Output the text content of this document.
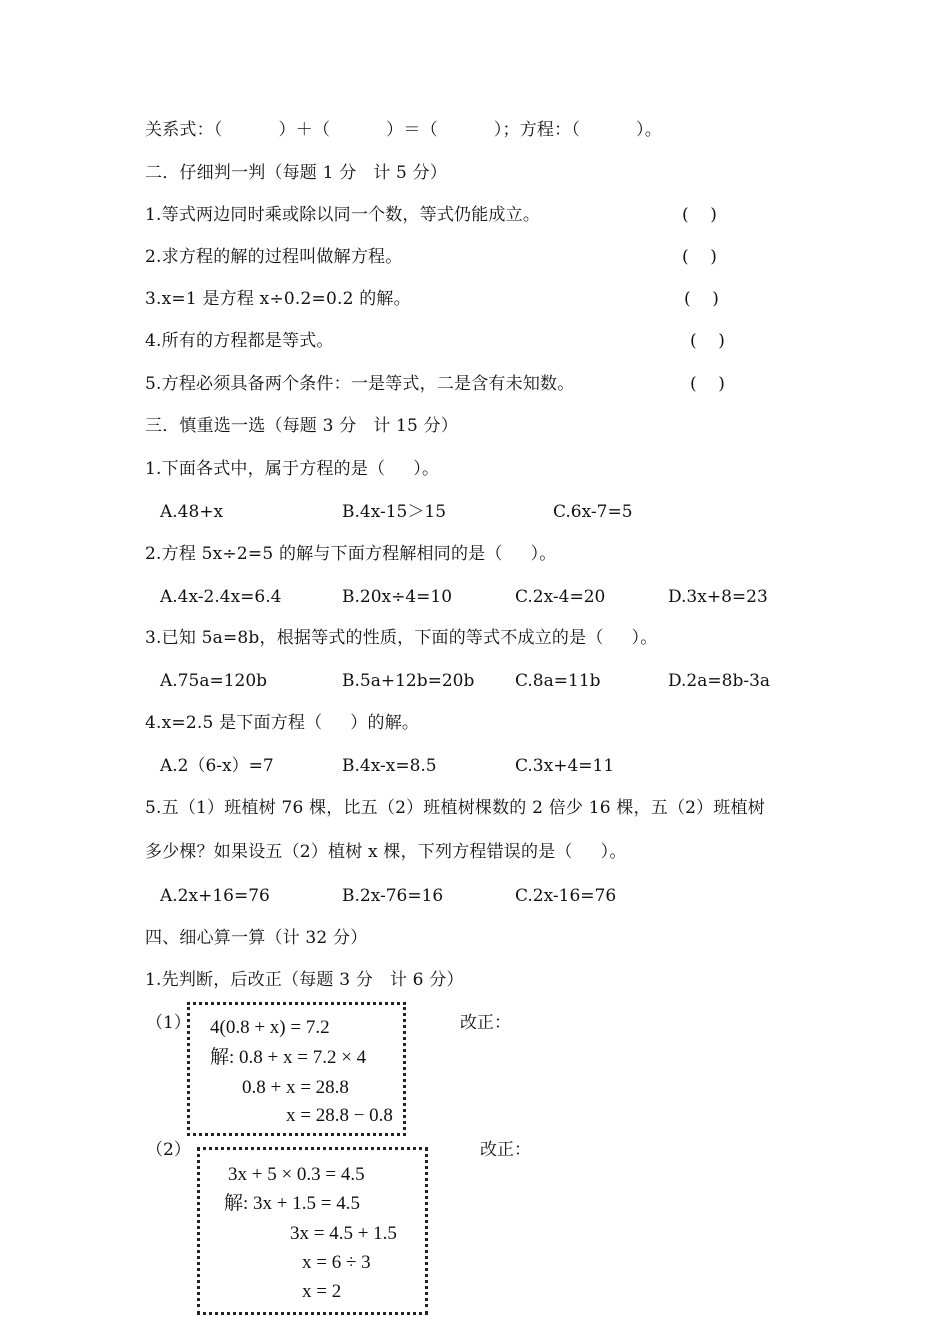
关系式：（          ）＋（          ）＝（          ）；方程：（          ）。
二．仔细判一判（每题 1 分   计 5 分）
1.等式两边同时乘或除以同一个数，等式仍能成立。	(    )
2.求方程的解的过程叫做解方程。	(    )
3.x=1 是方程 x÷0.2=0.2 的解。	(    )
4.所有的方程都是等式。	(    )
5.方程必须具备两个条件：一是等式，二是含有未知数。	(    )
三．慎重选一选（每题 3 分   计 15 分）
1.下面各式中，属于方程的是（     ）。
A.48+x	B.4x-15＞15	C.6x-7=5
2.方程 5x÷2=5 的解与下面方程解相同的是（     ）。
A.4x-2.4x=6.4	B.20x÷4=10	C.2x-4=20	D.3x+8=23
3.已知 5a=8b，根据等式的性质，下面的等式不成立的是（     ）。
A.75a=120b	B.5a+12b=20b C.8a=11b	D.2a=8b-3a
4.x=2.5 是下面方程（     ）的解。
A.2（6-x）=7	B.4x-x=8.5	C.3x+4=11
5.五（1）班植树 76 棵，比五（2）班植树棵数的 2 倍少 16 棵，五（2）班植树
多少棵？如果设五（2）植树 x 棵，下列方程错误的是（     ）。
A.2x+16=76	B.2x-76=16	C.2x-16=76
四、细心算一算（计 32 分）
1.先判断，后改正（每题 3 分   计 6 分）
（1） 4(0.8 + x) = 7.2
解: 0.8 + x = 7.2 × 4
0.8 + x = 28.8
x = 28.8 − 0.8
改正：
（2）
3x + 5 × 0.3 = 4.5
解: 3x + 1.5 = 4.5
3x = 4.5 + 1.5
x = 6 ÷ 3
x = 2
改正：
